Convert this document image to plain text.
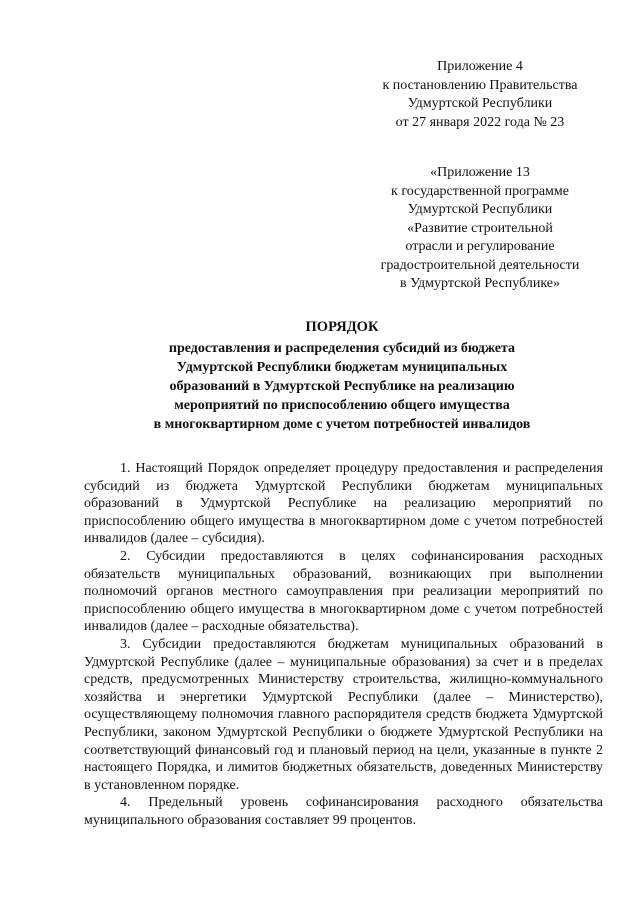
Приложение 4
к постановлению Правительства
Удмуртской Республики
от 27 января 2022 года № 23
«Приложение 13
к государственной программе
Удмуртской Республики
«Развитие строительной
отрасли и регулирование
градостроительной деятельности
в Удмуртской Республике»
ПОРЯДОК
предоставления и распределения субсидий из бюджета
Удмуртской Республики бюджетам муниципальных
образований в Удмуртской Республике на реализацию
мероприятий по приспособлению общего имущества
в многоквартирном доме с учетом потребностей инвалидов

1. Настоящий Порядок определяет процедуру предоставления и распределения субсидий из бюджета Удмуртской Республики бюджетам муниципальных образований в Удмуртской Республике на реализацию мероприятий по приспособлению общего имущества в многоквартирном доме с учетом потребностей инвалидов (далее – субсидия).

2. Субсидии предоставляются в целях софинансирования расходных обязательств муниципальных образований, возникающих при выполнении полномочий органов местного самоуправления при реализации мероприятий по приспособлению общего имущества в многоквартирном доме с учетом потребностей инвалидов (далее – расходные обязательства).

3. Субсидии предоставляются бюджетам муниципальных образований в Удмуртской Республике (далее – муниципальные образования) за счет и в пределах средств, предусмотренных Министерству строительства, жилищно-коммунального хозяйства и энергетики Удмуртской Республики (далее – Министерство), осуществляющему полномочия главного распорядителя средств бюджета Удмуртской Республики, законом Удмуртской Республики о бюджете Удмуртской Республики на соответствующий финансовый год и плановый период на цели, указанные в пункте 2 настоящего Порядка, и лимитов бюджетных обязательств, доведенных Министерству в установленном порядке.

4. Предельный уровень софинансирования расходного обязательства муниципального образования составляет 99 процентов.
